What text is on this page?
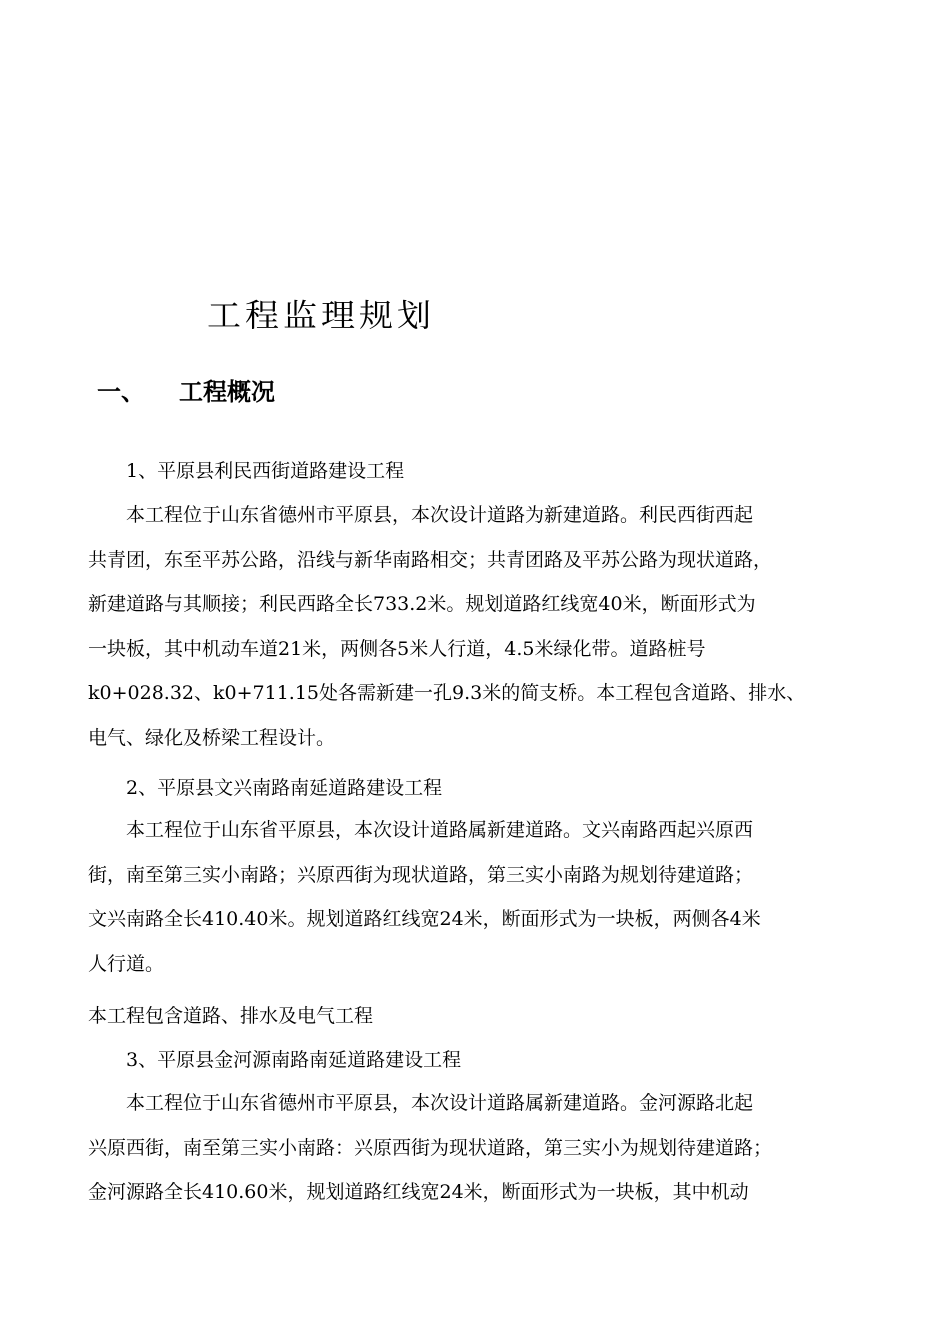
工程监理规划
一、 工程概况
1、平原县利民西街道路建设工程
本工程位于山东省德州市平原县，本次设计道路为新建道路。利民西街西起
共青团，东至平苏公路，沿线与新华南路相交；共青团路及平苏公路为现状道路，
新建道路与其顺接；利民西路全长733.2米。规划道路红线宽40米，断面形式为
一块板，其中机动车道21米，两侧各5米人行道，4.5米绿化带。道路桩号
k0+028.32、k0+711.15处各需新建一孔9.3米的简支桥。本工程包含道路、排水、
电气、绿化及桥梁工程设计。
2、平原县文兴南路南延道路建设工程
本工程位于山东省平原县，本次设计道路属新建道路。文兴南路西起兴原西
街，南至第三实小南路；兴原西街为现状道路，第三实小南路为规划待建道路；
文兴南路全长410.40米。规划道路红线宽24米，断面形式为一块板，两侧各4米
人行道。
本工程包含道路、排水及电气工程
3、平原县金河源南路南延道路建设工程
本工程位于山东省德州市平原县，本次设计道路属新建道路。金河源路北起
兴原西街，南至第三实小南路：兴原西街为现状道路，第三实小为规划待建道路；
金河源路全长410.60米，规划道路红线宽24米，断面形式为一块板，其中机动
